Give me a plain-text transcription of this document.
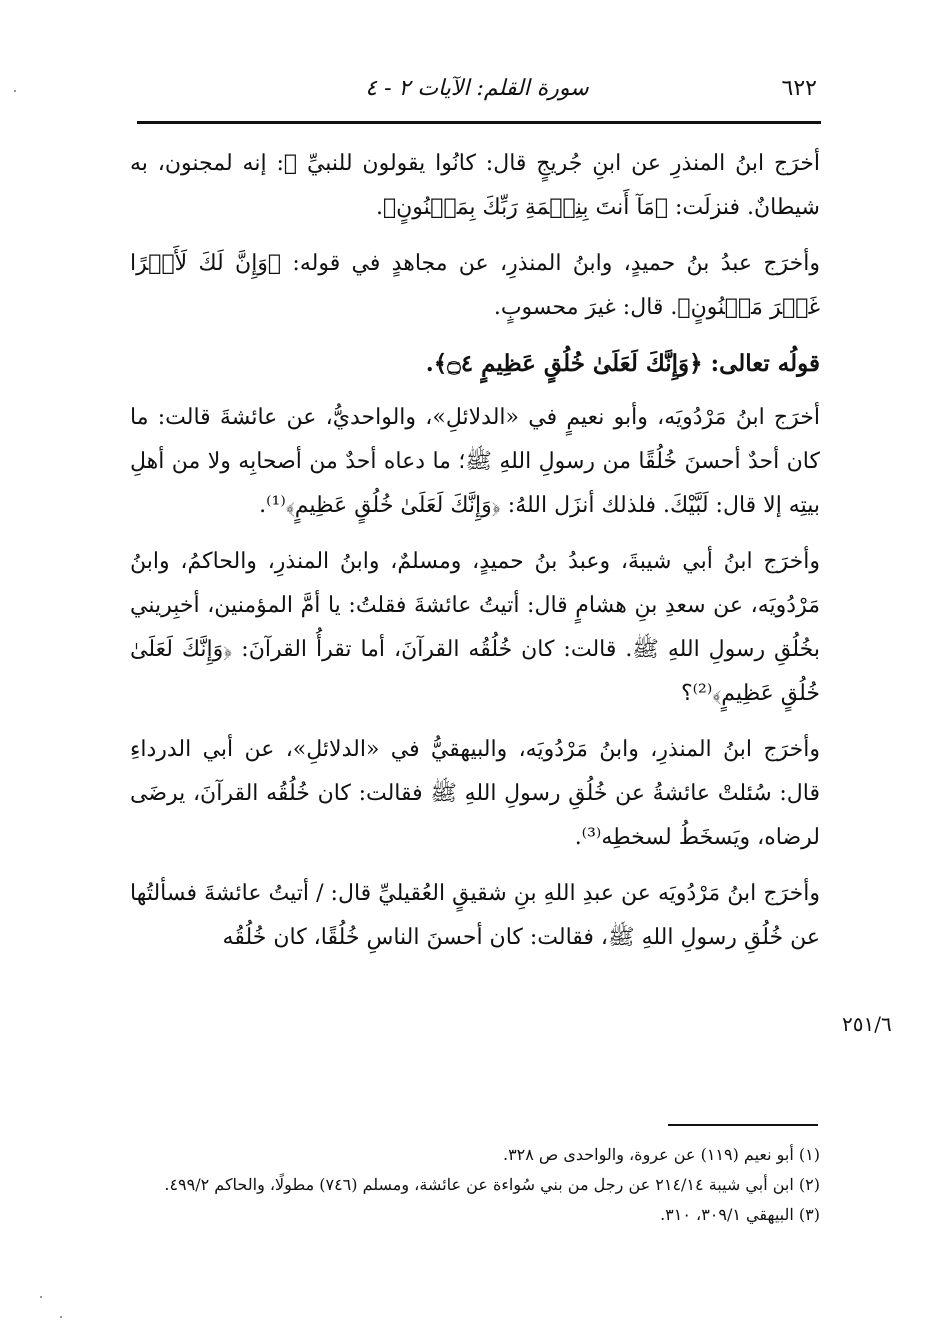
٦٢٢
سورة القلم: الآيات ٢ - ٤

أخرَج ابنُ المنذرِ عن ابنِ جُريجٍ قال: كانُوا يقولون للنبيِّ ﷺ: إنه لمجنون، به شيطانٌ. فنزلَت: ﴿مَآ أَنتَ بِنِعۡمَةِ رَبِّكَ بِمَجۡنُونٍ﴾.

وأخرَج عبدُ بنُ حميدٍ، وابنُ المنذرِ، عن مجاهدٍ في قوله: ﴿وَإِنَّ لَكَ لَأَجۡرًا غَيۡرَ مَمۡنُونٍ﴾. قال: غيرَ محسوبٍ.

قولُه تعالى: ﴿وَإِنَّكَ لَعَلَىٰ خُلُقٍ عَظِيمٍ ۝٤﴾.

أخرَج ابنُ مَرْدُويَه، وأبو نعيمٍ في «الدلائلِ»، والواحديُّ، عن عائشةَ قالت: ما كان أحدٌ أحسنَ خُلُقًا من رسولِ اللهِ ﷺ؛ ما دعاه أحدٌ من أصحابِه ولا من أهلِ بيتِه إلا قال: لَبَّيْكَ. فلذلك أنزَل اللهُ: ﴿وَإِنَّكَ لَعَلَىٰ خُلُقٍ عَظِيمٍ﴾⁽¹⁾.

وأخرَج ابنُ أبي شيبةَ، وعبدُ بنُ حميدٍ، ومسلمٌ، وابنُ المنذرِ، والحاكمُ، وابنُ مَرْدُويَه، عن سعدِ بنِ هشامٍ قال: أتيتُ عائشةَ فقلتُ: يا أمَّ المؤمنين، أخبِريني بخُلُقِ رسولِ اللهِ ﷺ. قالت: كان خُلُقُه القرآنَ، أما تقرأُ القرآنَ: ﴿وَإِنَّكَ لَعَلَىٰ خُلُقٍ عَظِيمٍ﴾⁽²⁾؟

وأخرَج ابنُ المنذرِ، وابنُ مَرْدُويَه، والبيهقيُّ في «الدلائلِ»، عن أبي الدرداءِ قال: سُئلتْ عائشةُ عن خُلُقِ رسولِ اللهِ ﷺ فقالت: كان خُلُقُه القرآنَ، يرضَى لرضاه، ويَسخَطُ لسخطِه⁽³⁾.

وأخرَج ابنُ مَرْدُويَه عن عبدِ اللهِ بنِ شقيقٍ العُقيليِّ قال: / أتيتُ عائشةَ فسألتُها عن خُلُقِ رسولِ اللهِ ﷺ، فقالت: كان أحسنَ الناسِ خُلُقًا، كان خُلُقُه

٢٥١/٦

(١) أبو نعيم (١١٩) عن عروة، والواحدى ص ٣٢٨.

(٢) ابن أبي شيبة ٢١٤/١٤ عن رجل من بني سُواءة عن عائشة، ومسلم (٧٤٦) مطولًا، والحاكم ٤٩٩/٢.

(٣) البيهقي ٣٠٩/١، ٣١٠.
